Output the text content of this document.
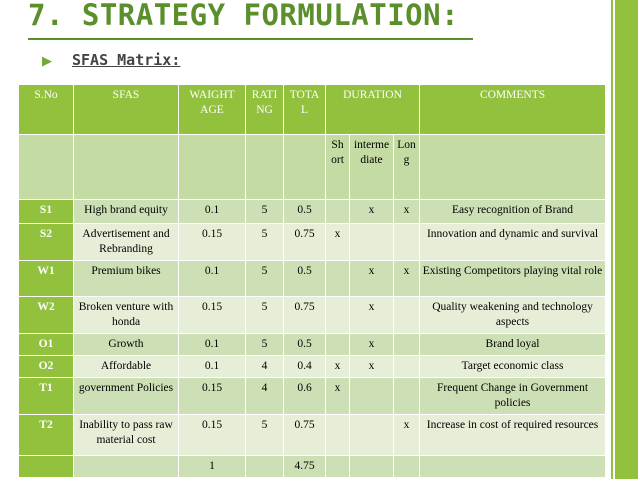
7. STRATEGY FORMULATION:
▶ SFAS Matrix:
S.No	SFAS	WAIGHT AGE	RATI NG	TOTA L	DURATION			COMMENTS
					Sh ort	interme diate	Lon g	
S1	High brand equity	0.1	5	0.5		x	x	Easy recognition of Brand
S2	Advertisement and Rebranding	0.15	5	0.75	x			Innovation and dynamic and survival
W1	Premium bikes	0.1	5	0.5		x	x	Existing Competitors playing vital role
W2	Broken venture with honda	0.15	5	0.75		x		Quality weakening and technology aspects
O1	Growth	0.1	5	0.5		x		Brand loyal
O2	Affordable	0.1	4	0.4	x	x		Target economic class
T1	government Policies	0.15	4	0.6	x			Frequent Change in Government policies
T2	Inability to pass raw material cost	0.15	5	0.75			x	Increase in cost of required resources
		1		4.75				
